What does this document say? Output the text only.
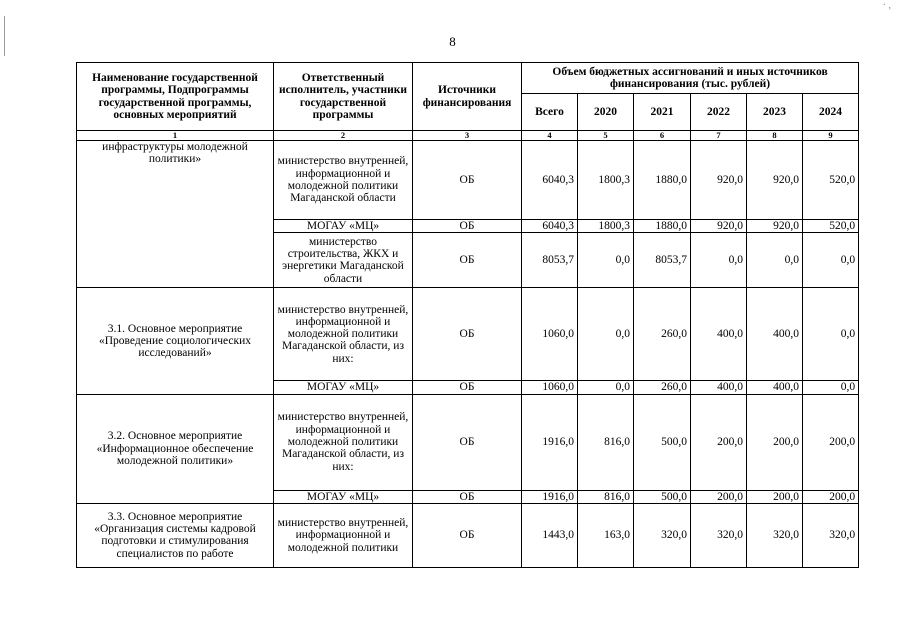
· ,
8
Наименование государственной программы, Подпрограммы государственной программы, основных мероприятий	Ответственный исполнитель, участники государственной программы	Источники финансирования	Объем бюджетных ассигнований и иных источников финансирования (тыс. рублей)					
			Всего	2020	2021	2022	2023	2024
1	2	3	4	5	6	7	8	9
инфраструктуры молодежной политики»	министерство внутренней, информационной и молодежной политики Магаданской области	ОБ	6040,3	1800,3	1880,0	920,0	920,0	520,0
	МОГАУ «МЦ»	ОБ	6040,3	1800,3	1880,0	920,0	920,0	520,0
	министерство строительства, ЖКХ и энергетики Магаданской области	ОБ	8053,7	0,0	8053,7	0,0	0,0	0,0
3.1. Основное мероприятие «Проведение социологических исследований»	министерство внутренней, информационной и молодежной политики Магаданской области, из них:	ОБ	1060,0	0,0	260,0	400,0	400,0	0,0
	МОГАУ «МЦ»	ОБ	1060,0	0,0	260,0	400,0	400,0	0,0
3.2. Основное мероприятие «Информационное обеспечение молодежной политики»	министерство внутренней, информационной и молодежной политики Магаданской области, из них:	ОБ	1916,0	816,0	500,0	200,0	200,0	200,0
	МОГАУ «МЦ»	ОБ	1916,0	816,0	500,0	200,0	200,0	200,0
3.3. Основное мероприятие «Организация системы кадровой подготовки и стимулирования специалистов по работе	министерство внутренней, информационной и молодежной политики	ОБ	1443,0	163,0	320,0	320,0	320,0	320,0
